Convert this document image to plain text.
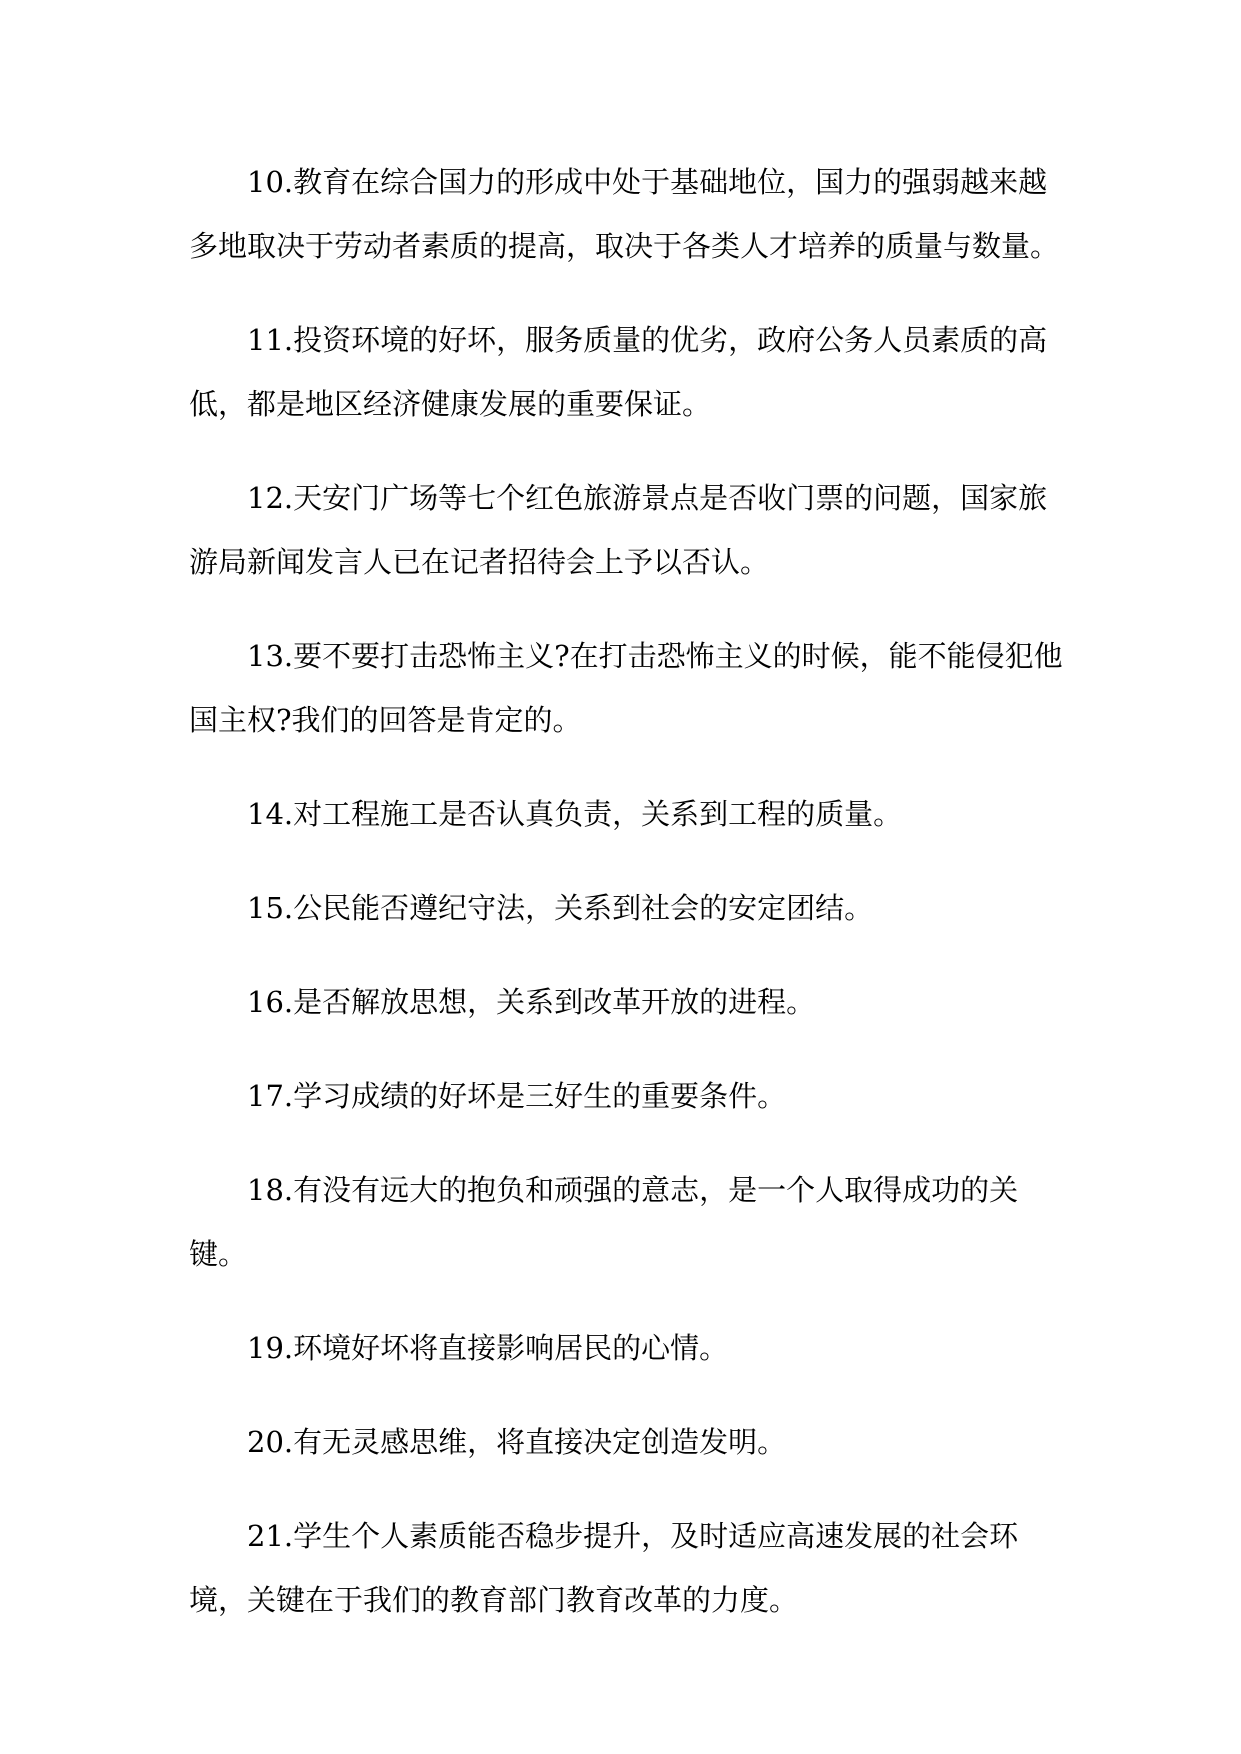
10.教育在综合国力的形成中处于基础地位，国力的强弱越来越多地取决于劳动者素质的提高，取决于各类人才培养的质量与数量。

11.投资环境的好坏，服务质量的优劣，政府公务人员素质的高低，都是地区经济健康发展的重要保证。

12.天安门广场等七个红色旅游景点是否收门票的问题，国家旅游局新闻发言人已在记者招待会上予以否认。

13.要不要打击恐怖主义?在打击恐怖主义的时候，能不能侵犯他国主权?我们的回答是肯定的。

14.对工程施工是否认真负责，关系到工程的质量。

15.公民能否遵纪守法，关系到社会的安定团结。

16.是否解放思想，关系到改革开放的进程。

17.学习成绩的好坏是三好生的重要条件。

18.有没有远大的抱负和顽强的意志，是一个人取得成功的关键。

19.环境好坏将直接影响居民的心情。

20.有无灵感思维，将直接决定创造发明。

21.学生个人素质能否稳步提升，及时适应高速发展的社会环境，关键在于我们的教育部门教育改革的力度。
